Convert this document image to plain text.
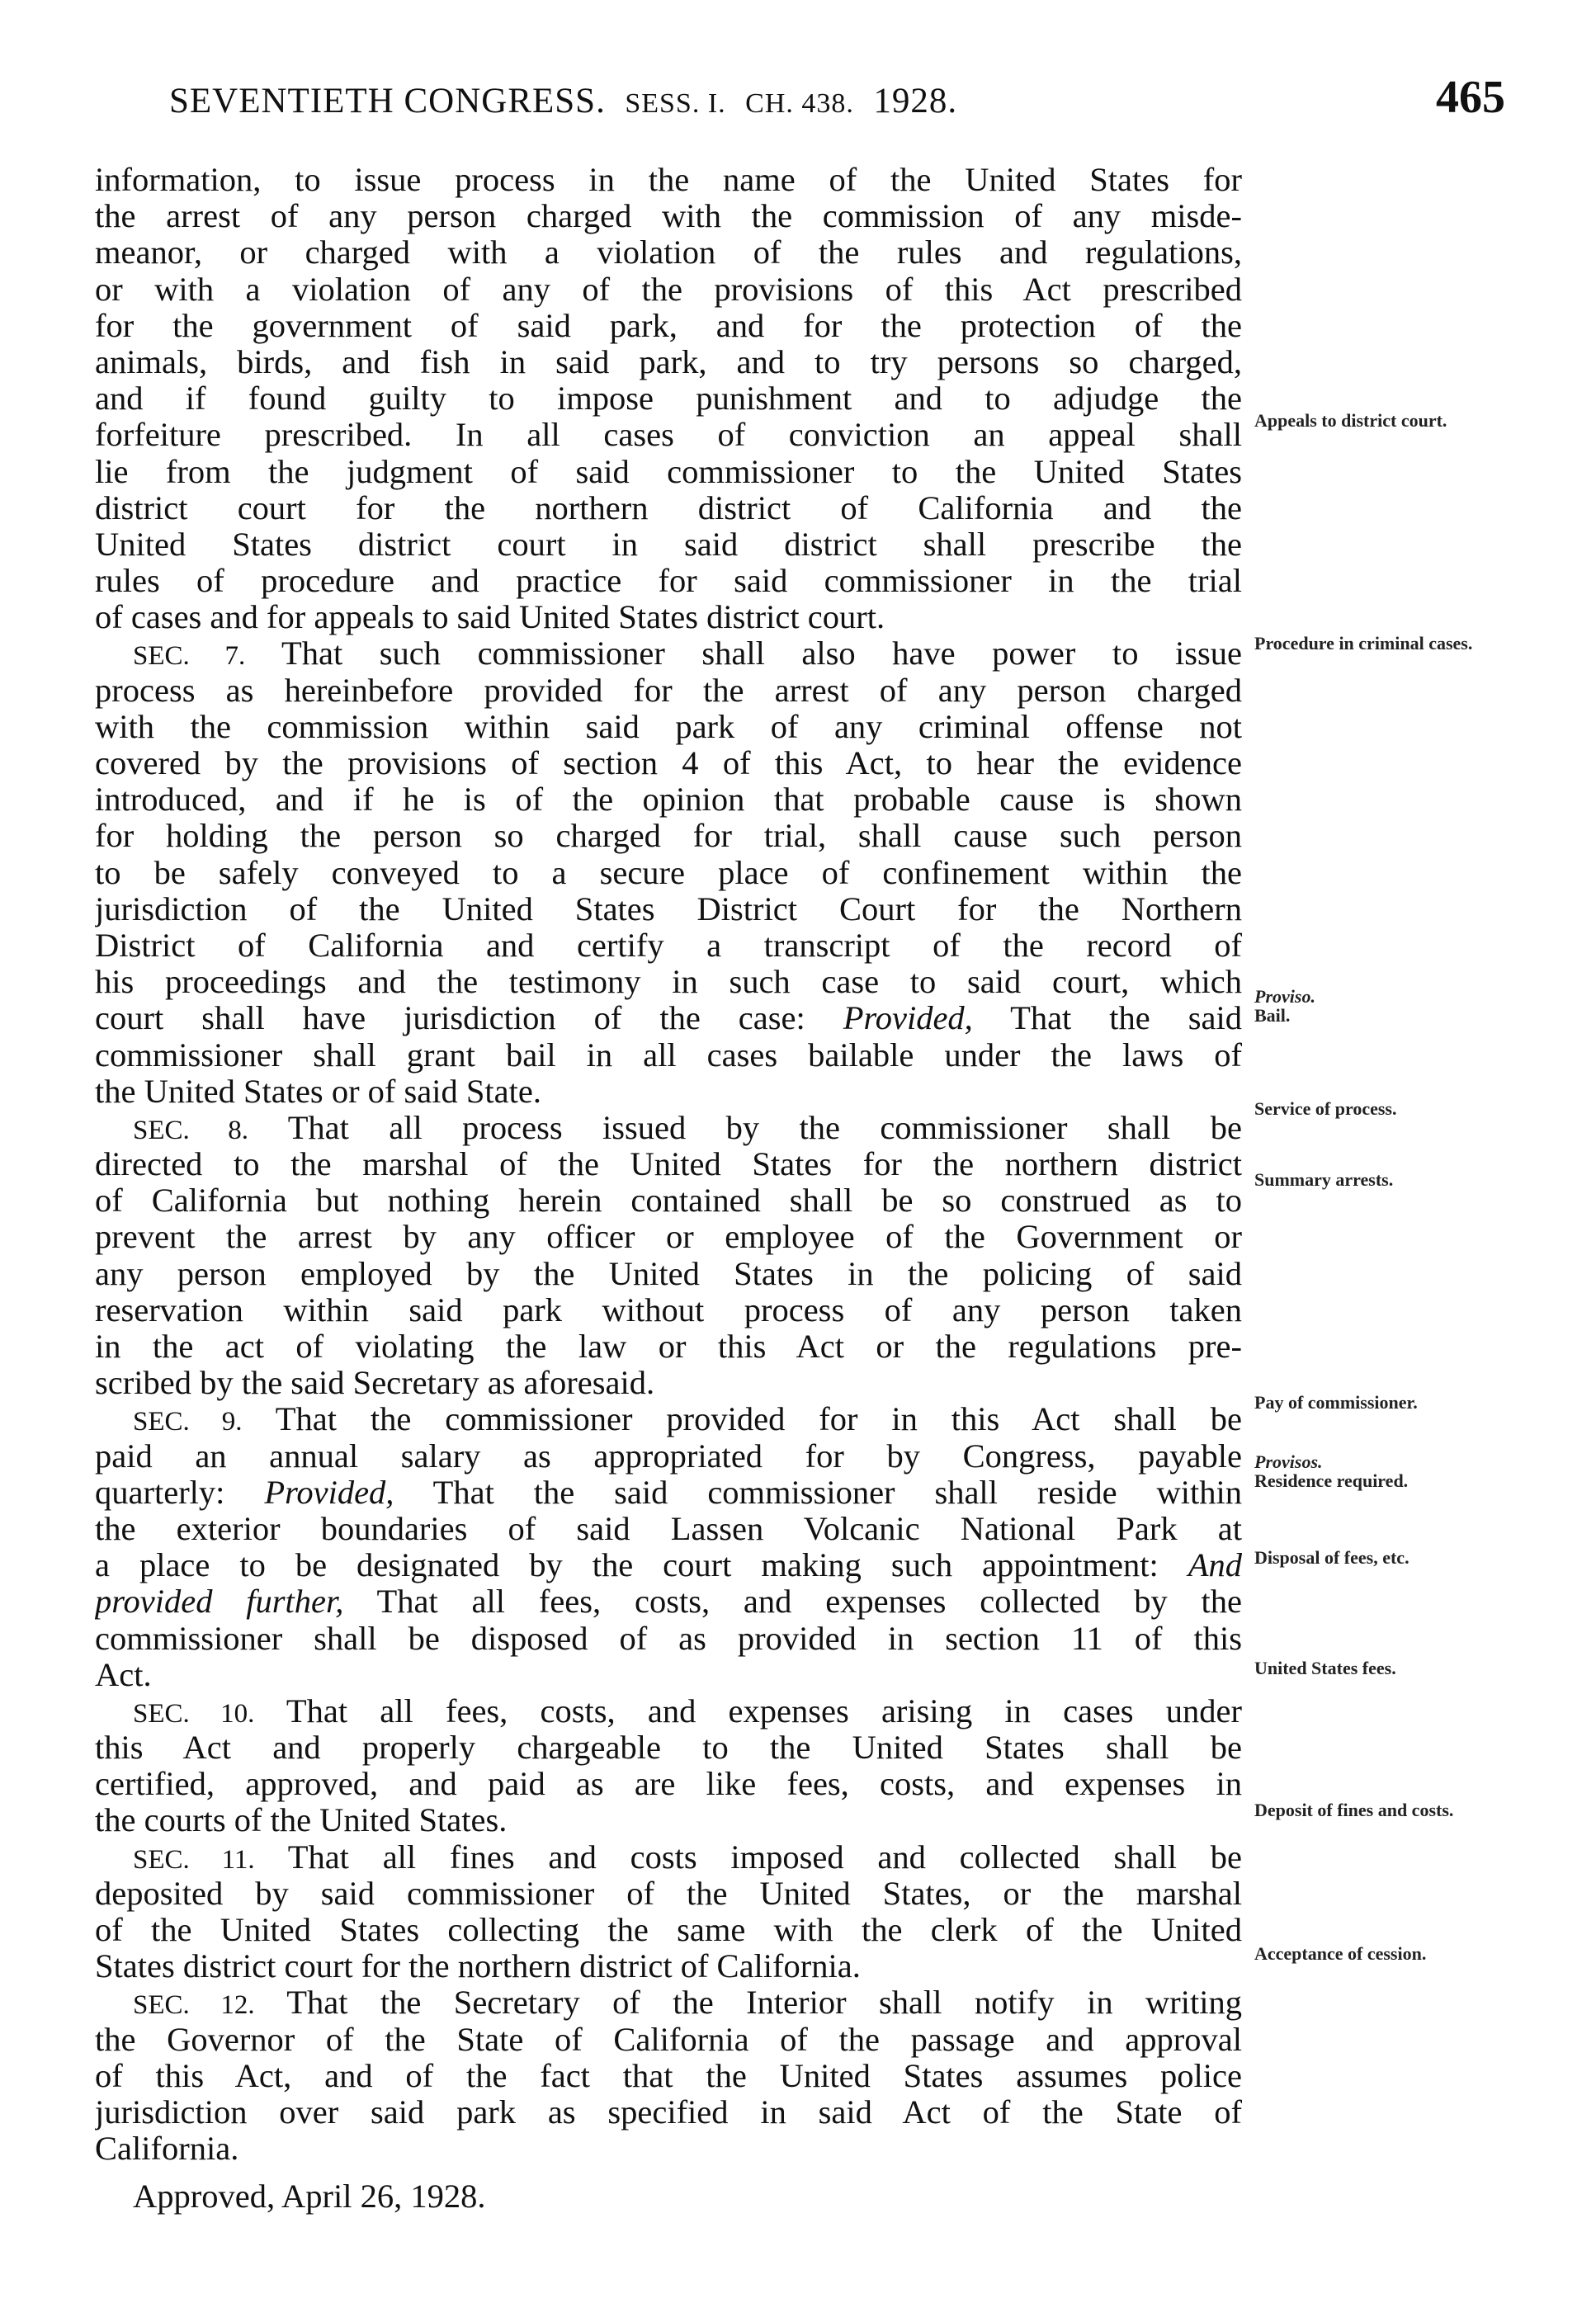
SEVENTIETH CONGRESS. SESS. I. CH. 438. 1928.	465
information, to issue process in the name of the United States for
the arrest of any person charged with the commission of any misde-
meanor, or charged with a violation of the rules and regulations,
or with a violation of any of the provisions of this Act prescribed
for the government of said park, and for the protection of the
animals, birds, and fish in said park, and to try persons so charged,
and if found guilty to impose punishment and to adjudge the
forfeiture prescribed. In all cases of conviction an appeal shall
lie from the judgment of said commissioner to the United States
district court for the northern district of California and the
United States district court in said district shall prescribe the
rules of procedure and practice for said commissioner in the trial
of cases and for appeals to said United States district court.
SEC. 7. That such commissioner shall also have power to issue
process as hereinbefore provided for the arrest of any person charged
with the commission within said park of any criminal offense not
covered by the provisions of section 4 of this Act, to hear the evidence
introduced, and if he is of the opinion that probable cause is shown
for holding the person so charged for trial, shall cause such person
to be safely conveyed to a secure place of confinement within the
jurisdiction of the United States District Court for the Northern
District of California and certify a transcript of the record of
his proceedings and the testimony in such case to said court, which
court shall have jurisdiction of the case: Provided, That the said
commissioner shall grant bail in all cases bailable under the laws of
the United States or of said State.
SEC. 8. That all process issued by the commissioner shall be
directed to the marshal of the United States for the northern district
of California but nothing herein contained shall be so construed as to
prevent the arrest by any officer or employee of the Government or
any person employed by the United States in the policing of said
reservation within said park without process of any person taken
in the act of violating the law or this Act or the regulations pre-
scribed by the said Secretary as aforesaid.
SEC. 9. That the commissioner provided for in this Act shall be
paid an annual salary as appropriated for by Congress, payable
quarterly: Provided, That the said commissioner shall reside within
the exterior boundaries of said Lassen Volcanic National Park at
a place to be designated by the court making such appointment: And
provided further, That all fees, costs, and expenses collected by the
commissioner shall be disposed of as provided in section 11 of this
Act.
SEC. 10. That all fees, costs, and expenses arising in cases under
this Act and properly chargeable to the United States shall be
certified, approved, and paid as are like fees, costs, and expenses in
the courts of the United States.
SEC. 11. That all fines and costs imposed and collected shall be
deposited by said commissioner of the United States, or the marshal
of the United States collecting the same with the clerk of the United
States district court for the northern district of California.
SEC. 12. That the Secretary of the Interior shall notify in writing
the Governor of the State of California of the passage and approval
of this Act, and of the fact that the United States assumes police
jurisdiction over said park as specified in said Act of the State of
California.
Approved, April 26, 1928.
Appeals to district court.
Procedure in criminal cases.
Proviso.
Bail.
Service of process.
Summary arrests.
Pay of commissioner.
Provisos.
Residence required.
Disposal of fees, etc.
United States fees.
Deposit of fines and costs.
Acceptance of cession.
